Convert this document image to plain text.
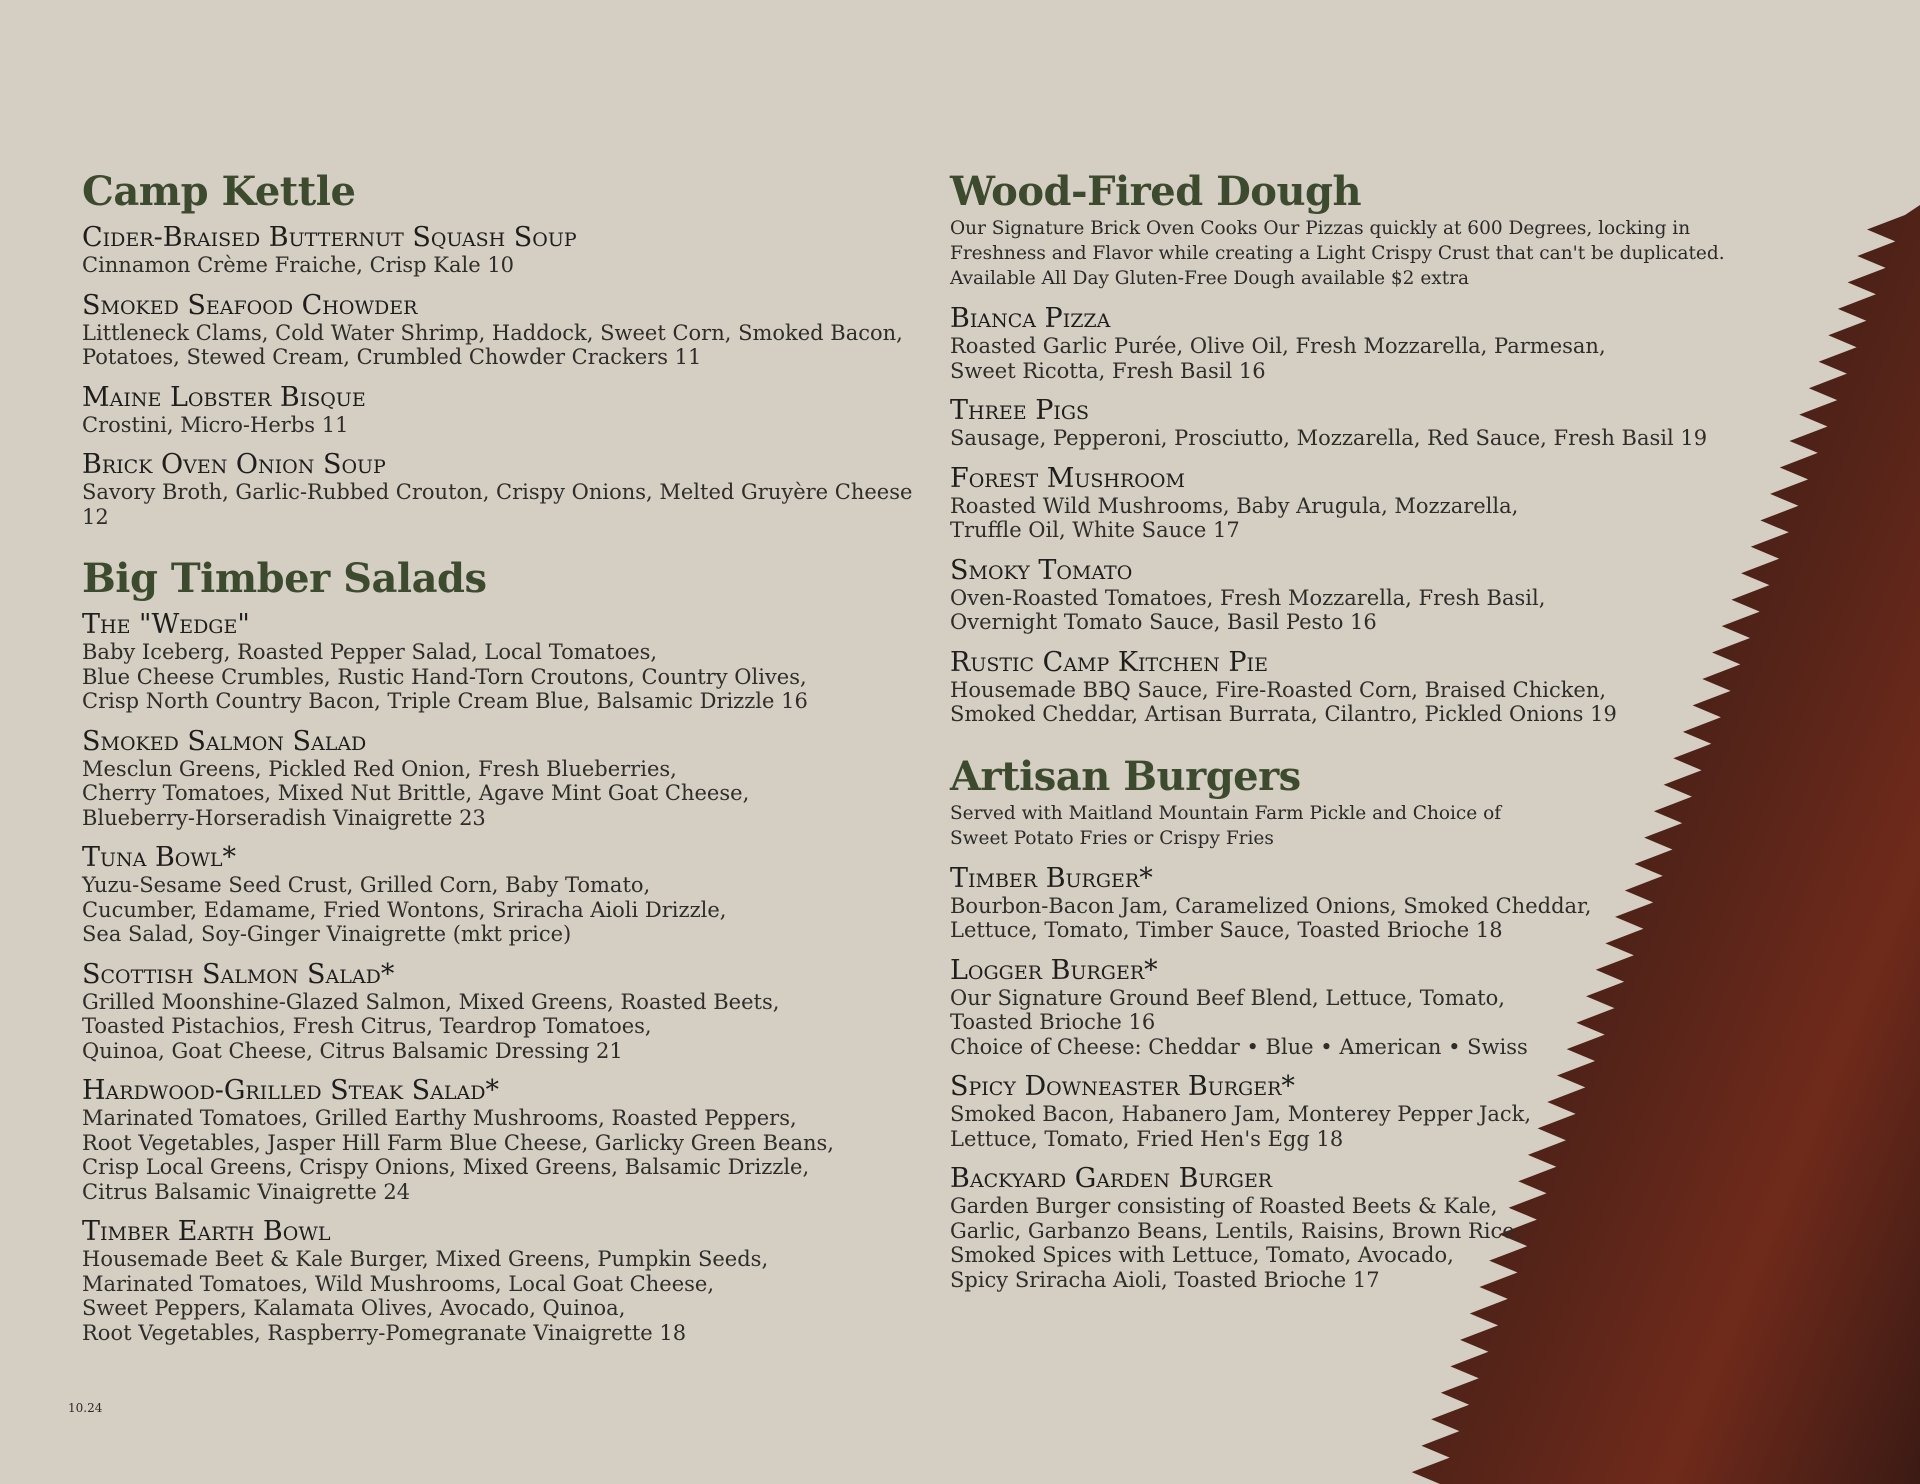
Camp Kettle
Cider-Braised Butternut Squash Soup
Cinnamon Crème Fraiche, Crisp Kale 10
Smoked Seafood Chowder
Littleneck Clams, Cold Water Shrimp, Haddock, Sweet Corn, Smoked Bacon,
Potatoes, Stewed Cream, Crumbled Chowder Crackers 11
Maine Lobster Bisque
Crostini, Micro-Herbs 11
Brick Oven Onion Soup
Savory Broth, Garlic-Rubbed Crouton, Crispy Onions, Melted Gruyère Cheese 12
Big Timber Salads
The "Wedge"
Baby Iceberg, Roasted Pepper Salad, Local Tomatoes,
Blue Cheese Crumbles, Rustic Hand-Torn Croutons, Country Olives,
Crisp North Country Bacon, Triple Cream Blue, Balsamic Drizzle 16
Smoked Salmon Salad
Mesclun Greens, Pickled Red Onion, Fresh Blueberries,
Cherry Tomatoes, Mixed Nut Brittle, Agave Mint Goat Cheese,
Blueberry-Horseradish Vinaigrette 23
Tuna Bowl*
Yuzu-Sesame Seed Crust, Grilled Corn, Baby Tomato,
Cucumber, Edamame, Fried Wontons, Sriracha Aioli Drizzle,
Sea Salad, Soy-Ginger Vinaigrette (mkt price)
Scottish Salmon Salad*
Grilled Moonshine-Glazed Salmon, Mixed Greens, Roasted Beets,
Toasted Pistachios, Fresh Citrus, Teardrop Tomatoes,
Quinoa, Goat Cheese, Citrus Balsamic Dressing 21
Hardwood-Grilled Steak Salad*
Marinated Tomatoes, Grilled Earthy Mushrooms, Roasted Peppers,
Root Vegetables, Jasper Hill Farm Blue Cheese, Garlicky Green Beans,
Crisp Local Greens, Crispy Onions, Mixed Greens, Balsamic Drizzle,
Citrus Balsamic Vinaigrette 24
Timber Earth Bowl
Housemade Beet & Kale Burger, Mixed Greens, Pumpkin Seeds,
Marinated Tomatoes, Wild Mushrooms, Local Goat Cheese,
Sweet Peppers, Kalamata Olives, Avocado, Quinoa,
Root Vegetables, Raspberry-Pomegranate Vinaigrette 18
Wood-Fired Dough
Our Signature Brick Oven Cooks Our Pizzas quickly at 600 Degrees, locking in
Freshness and Flavor while creating a Light Crispy Crust that can't be duplicated.
Available All Day Gluten-Free Dough available $2 extra
Bianca Pizza
Roasted Garlic Purée, Olive Oil, Fresh Mozzarella, Parmesan,
Sweet Ricotta, Fresh Basil 16
Three Pigs
Sausage, Pepperoni, Prosciutto, Mozzarella, Red Sauce, Fresh Basil 19
Forest Mushroom
Roasted Wild Mushrooms, Baby Arugula, Mozzarella,
Truffle Oil, White Sauce 17
Smoky Tomato
Oven-Roasted Tomatoes, Fresh Mozzarella, Fresh Basil,
Overnight Tomato Sauce, Basil Pesto 16
Rustic Camp Kitchen Pie
Housemade BBQ Sauce, Fire-Roasted Corn, Braised Chicken,
Smoked Cheddar, Artisan Burrata, Cilantro, Pickled Onions 19
Artisan Burgers
Served with Maitland Mountain Farm Pickle and Choice of
Sweet Potato Fries or Crispy Fries
Timber Burger*
Bourbon-Bacon Jam, Caramelized Onions, Smoked Cheddar,
Lettuce, Tomato, Timber Sauce, Toasted Brioche 18
Logger Burger*
Our Signature Ground Beef Blend, Lettuce, Tomato,
Toasted Brioche 16
Choice of Cheese: Cheddar • Blue • American • Swiss
Spicy Downeaster Burger*
Smoked Bacon, Habanero Jam, Monterey Pepper Jack,
Lettuce, Tomato, Fried Hen's Egg 18
Backyard Garden Burger
Garden Burger consisting of Roasted Beets & Kale,
Garlic, Garbanzo Beans, Lentils, Raisins, Brown Rice,
Smoked Spices with Lettuce, Tomato, Avocado,
Spicy Sriracha Aioli, Toasted Brioche 17
10.24
